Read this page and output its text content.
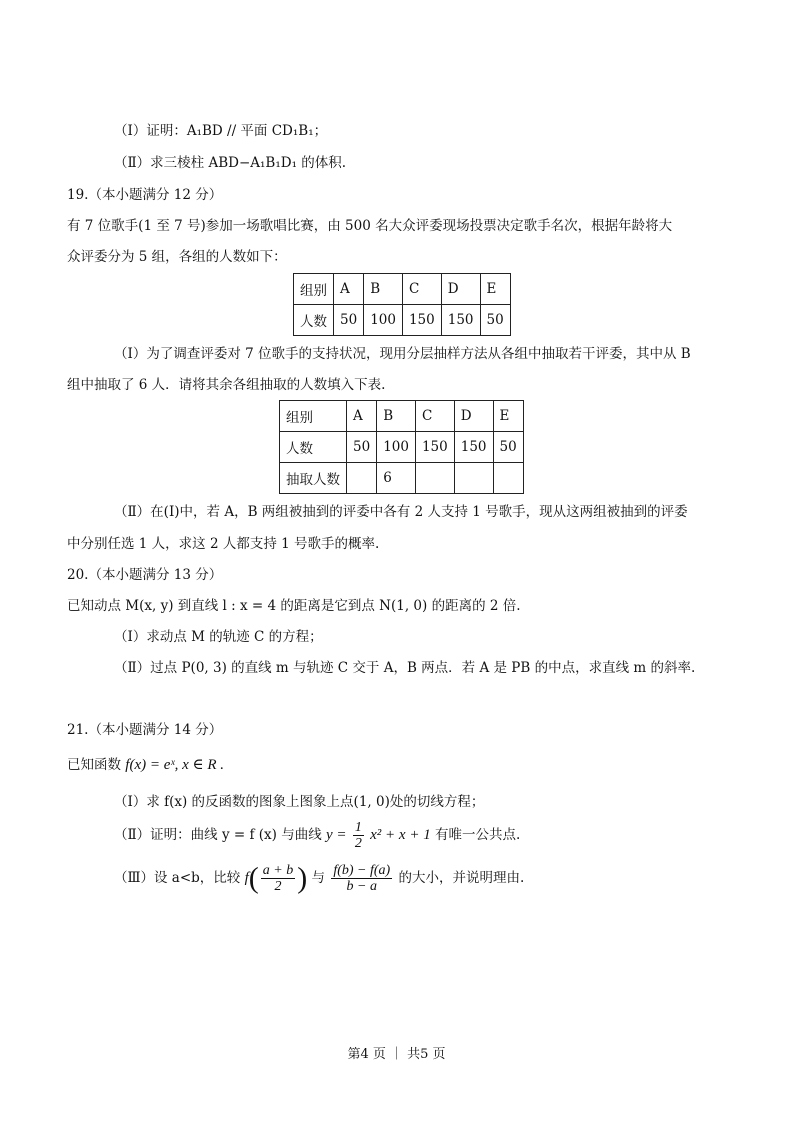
（Ⅰ）证明：A₁BD // 平面 CD₁B₁；
（Ⅱ）求三棱柱 ABD−A₁B₁D₁ 的体积.
19.（本小题满分 12 分）
有 7 位歌手(1 至 7 号)参加一场歌唱比赛，由 500 名大众评委现场投票决定歌手名次，根据年龄将大
众评委分为 5 组，各组的人数如下：
组别	A	B	C	D	E
人数	50	100	150	150	50
（Ⅰ）为了调查评委对 7 位歌手的支持状况，现用分层抽样方法从各组中抽取若干评委，其中从 B
组中抽取了 6 人．请将其余各组抽取的人数填入下表.
组别	A	B	C	D	E
人数	50	100	150	150	50
抽取人数		6			
（Ⅱ）在(Ⅰ)中，若 A，B 两组被抽到的评委中各有 2 人支持 1 号歌手，现从这两组被抽到的评委
中分别任选 1 人，求这 2 人都支持 1 号歌手的概率.
20.（本小题满分 13 分）
已知动点 M(x, y) 到直线 l : x = 4 的距离是它到点 N(1, 0) 的距离的 2 倍.
（Ⅰ）求动点 M 的轨迹 C 的方程；
（Ⅱ）过点 P(0, 3) 的直线 m 与轨迹 C 交于 A，B 两点．若 A 是 PB 的中点，求直线 m 的斜率.
21.（本小题满分 14 分）
已知函数 f(x) = eˣ, x ∈ R .
（Ⅰ）求 f(x) 的反函数的图象上图象上点(1, 0)处的切线方程；
（Ⅱ）证明：曲线 y = f (x) 与曲线 $y = \frac{1}{2} x^2 + x + 1$ 有唯一公共点.
（Ⅲ）设 a<b，比较 $f( \frac{a + b}{2}$ ) 与 $\frac{f(b) - f(a)}{b - a}$ 的大小，并说明理由.
第4 页 ｜ 共5 页
